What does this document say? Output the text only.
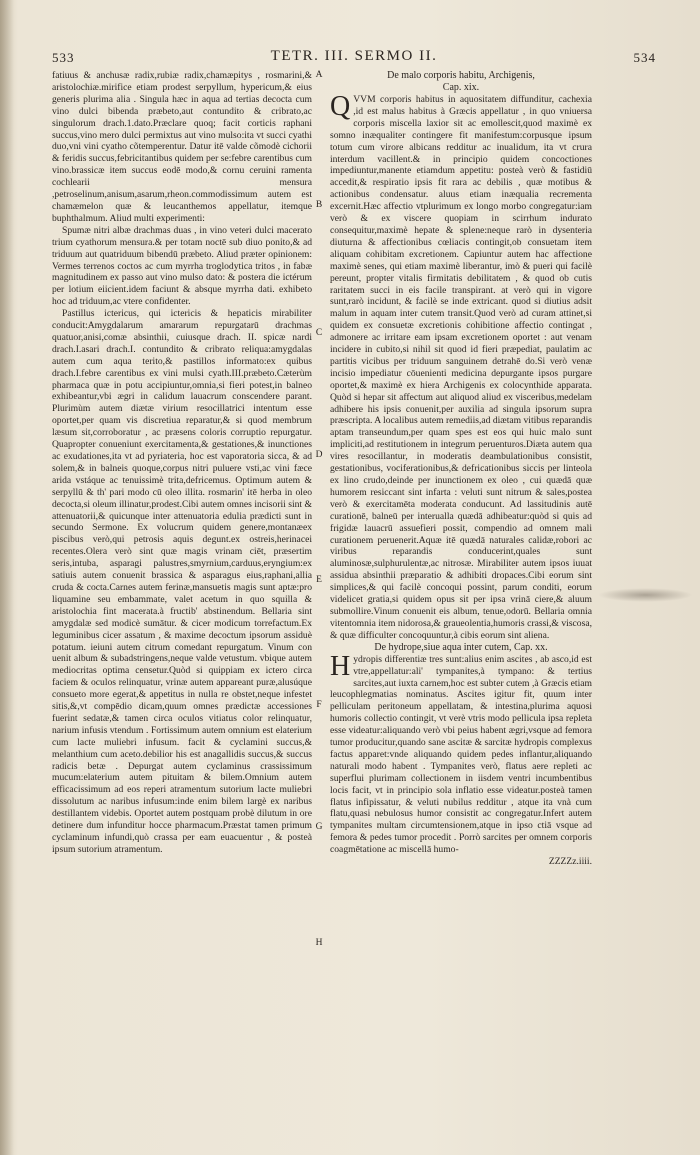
533	TETR. III. SERMO II.	534

fatiuus & anchusæ radix,rubiæ radix,chamæpitys , rosmarini,& aristolochiæ.mirifice etiam prodest serpyllum, hypericum,& eius generis plurima alia . Singula hæc in aqua ad tertias decocta cum vino dulci bibenda præbeto,aut contundito & cribrato,ac singulorum drach.1.dato.Præclare quoq; facit corticis raphani succus,vino mero dulci permixtus aut vino mulso:ita vt succi cyathi duo,vni vini cyatho cõtemperentur. Datur itē valde cõmodè cichorii & feridis succus,febricitantibus quidem per se:febre carentibus cum vino.brassicæ item succus eodē modo,& cornu ceruini ramenta cochlearii mensura ,petroselinum,anisum,asarum,rheon.commodissimum autem est chamæmelon quæ & leucanthemos appellatur, itemque buphthalmum. Aliud multi experimenti:

Spumæ nitri albæ drachmas duas , in vino veteri dulci macerato trium cyathorum mensura.& per totam noctē sub diuo ponito,& ad triduum aut quatriduum bibendū præbeto. Aliud præter opinionem: Vermes terrenos coctos ac cum myrrha troglodytica tritos , in fabæ magnitudinem ex passo aut vino mulso dato: & postera die ictérum per lotium eiicient.idem faciunt & absque myrrha dati. exhibeto hoc ad triduum,ac vtere confidenter.

Pastillus ictericus, qui ictericis & hepaticis mirabiliter conducit:Amygdalarum amararum repurgatarū drachmas quatuor,anisi,comæ absinthii, cuiusque drach. II. spicæ nardi drach.I.asari drach.I. contundito & cribrato reliqua:amygdalas autem cum aqua terito,& pastillos informato:ex quibus drach.I.febre carentibus ex vini mulsi cyath.III.præbeto.Cæterùm pharmaca quæ in potu accipiuntur,omnia,si fieri potest,in balneo exhibeantur,vbi ægri in calidum lauacrum conscendere parant. Plurimùm autem diætæ virium resocillatrici intentum esse oportet,per quam vis discretiua reparatur,& si quod membrum læsum sit,corroboratur , ac præsens coloris corruptio repurgatur. Quapropter conueniunt exercitamenta,& gestationes,& inunctiones ac exudationes,ita vt ad pyriateria, hoc est vaporatoria sicca, & ad solem,& in balneis quoque,corpus nitri puluere vsti,ac vini fæce arida vstáque ac tenuissimè trita,defricemus. Optimum autem & serpyllū & th' pari modo cū oleo illita. rosmarin' itē herba in oleo decocta,si oleum illinatur,prodest.Cibi autem omnes incisorii sint & attenuatorii,& quicunque inter attenuatoria edulia prædicti sunt in secundo Sermone. Ex volucrum quidem genere,montanæex piscibus verò,qui petrosis aquis degunt.ex ostreis,herinacei recentes.Olera verò sint quæ magis vrinam ciēt, præsertim seris,intuba, asparagi palustres,smyrnium,carduus,eryngium:ex satiuis autem conuenit brassica & asparagus eius,raphani,allia cruda & cocta.Carnes autem ferinæ,mansuetis magis sunt aptæ:pro liquamine seu embammate, valet acetum in quo squilla & aristolochia fint macerata.à fructib' abstinendum. Bellaria sint amygdalæ sed modicè sumātur. & cicer modicum torrefactum.Ex leguminibus cicer assatum , & maxime decoctum ipsorum assiduè potatum. ieiuni autem citrum comedant repurgatum. Vinum con uenit album & subadstringens,neque valde vetustum. vbique autem mediocritas optima censetur.Quòd si quippiam ex ictero circa faciem & oculos relinquatur, vrinæ autem appareant puræ,alusúque consueto more egerat,& appetitus in nulla re obstet,neque infestet sitis,&,vt compēdio dicam,quum omnes prædictæ accessiones fuerint sedatæ,& tamen circa oculos vitiatus color relinquatur, narium infusis vtendum . Fortissimum autem omnium est elaterium cum lacte muliebri infusum. facit & cyclamini succus,& melanthium cum aceto.debilior his est anagallidis succus,& succus radicis betæ . Depurgat autem cyclaminus crassissimum mucum:elaterium autem pituitam & bilem.Omnium autem efficacissimum ad eos reperi atramentum sutorium lacte muliebri dissolutum ac naribus infusum:inde enim bilem largè ex naribus destillantem videbis. Oportet autem postquam probè dilutum in ore detinere dum infunditur hocce pharmacum.Præstat tamen primum cyclaminum infundi,quò crassa per eam euacuentur , & posteà ipsum sutorium atramentum.

De malo corporis habitu, Archigenis,

Cap. xix.

QVVM corporis habitus in aquositatem diffunditur, cachexia ,id est malus habitus à Græcis appellatur , in quo vniuersa corporis miscella laxior sit ac emollescit,quod maximè ex somno inæqualiter contingere fit manifestum:corpusque ipsum totum cum virore albicans redditur ac inualidum, ita vt crura interdum vacillent.& in principio quidem concoctiones impediuntur,manente etiamdum appetitu: posteà verò & fastidiū accedit,& respiratio ipsis fit rara ac debilis , quæ motibus & actionibus condensatur. aluus etiam inæqualia recrementa excernit.Hæc affectio vtplurimum ex longo morbo congregatur:iam verò & ex viscere quopiam in scirrhum indurato consequitur,maximè hepate & splene:neque rarò in dysenteria diuturna & affectionibus cœliacis contingit,ob consuetam item aliquam cohibitam excretionem. Capiuntur autem hac affectione maximè senes, qui etiam maximè liberantur, imò & pueri qui facilè pereunt, propter vitalis firmitatis debilitatem , & quod ob cutis raritatem succi in eis facile transpirant. at verò qui in vigore sunt,rarò incidunt, & facilè se inde extricant. quod si diutius adsit malum in aquam inter cutem transit.Quod verò ad curam attinet,si quidem ex consuetæ excretionis cohibitione affectio contingat , admonere ac irritare eam ipsam excretionem oportet : aut venam incidere in cubito,si nihil sit quod id fieri præpediat, paulatim ac partitis vicibus per triduum sanguinem detrahē do.Si verò venæ incisio impediatur cōuenienti medicina depurgante ipsos purgare oportet,& maximè ex hiera Archigenis ex colocynthide apparata. Quòd si hepar sit affectum aut aliquod aliud ex visceribus,medelam adhibere his ipsis conuenit,per auxilia ad singula ipsorum supra præscripta. A localibus autem remediis,ad diætam vitibus reparandis aptam transeundum,per quam spes est eos qui huic malo sunt impliciti,ad restitutionem in integrum peruenturos.Diæta autem qua vires resocillantur, in moderatis deambulationibus consistit, gestationibus, vociferationibus,& defricationibus siccis per linteola ex lino crudo,deinde per inunctionem ex oleo , cui quædā quæ humorem resiccant sint infarta : veluti sunt nitrum & sales,postea verò & exercitamēta moderata conducunt. Ad lassitudinis autē curationē, balneū per interualla quædā adhibeatur:quòd si quis ad frigidæ lauacrū assuefieri possit, compendio ad omnem mali curationem peruenerit.Aquæ itē quædā naturales calidæ,robori ac viribus reparandis conducerint,quales sunt aluminosæ,sulphurulentæ,ac nitrosæ. Mirabiliter autem ipsos iuuat assidua absinthii præparatio & adhibiti dropaces.Cibi eorum sint simplices,& qui facilè concoqui possint, parum conditi, eorum videlicet gratia,si quidem opus sit per ipsa vrinā ciere,& aluum submollire.Vinum conuenit eis album, tenue,odorū. Bellaria omnia vitentomnia item nidorosa,& graueolentia,humoris crassi,& viscosa, & quæ difficulter concoquuntur,à cibis eorum sint aliena.

De hydrope,siue aqua inter cutem, Cap. xx.

Hydropis differentiæ tres sunt:alius enim ascites , ab asco,id est vtre,appellatur:ali' tympanites,à tympano: & tertius sarcites,aut iuxta carnem,hoc est subter cutem ,à Græcis etiam leucophlegmatias nominatus. Ascites igitur fit, quum inter pelliculam peritoneum appellatam, & intestina,plurima aquosi humoris collectio contingit, vt verè vtris modo pellicula ipsa repleta esse videatur:aliquando verò vbi peius habent ægri,vsque ad femora tumor producitur,quando sane ascitæ & sarcitæ hydropis complexus factus apparet:vnde aliquando quidem pedes inflantur,aliquando naturali modo habent . Tympanites verò, flatus aere repleti ac superflui plurimam collectionem in iisdem ventri incumbentibus locis facit, vt in principio sola inflatio esse videatur.posteà tamen flatus infipissatur, & veluti nubilus redditur , atque ita vnà cum flatu,quasi nebulosus humor consistit ac congregatur.Infert autem tympanites multam circumtensionem,atque in ipso ctiā vsque ad femora & pedes tumor procedit . Porrò sarcites per omnem corporis coagmētatione ac miscellā humo-

ZZZZz.iiii.

A
B
C
D
E
F
G
H
